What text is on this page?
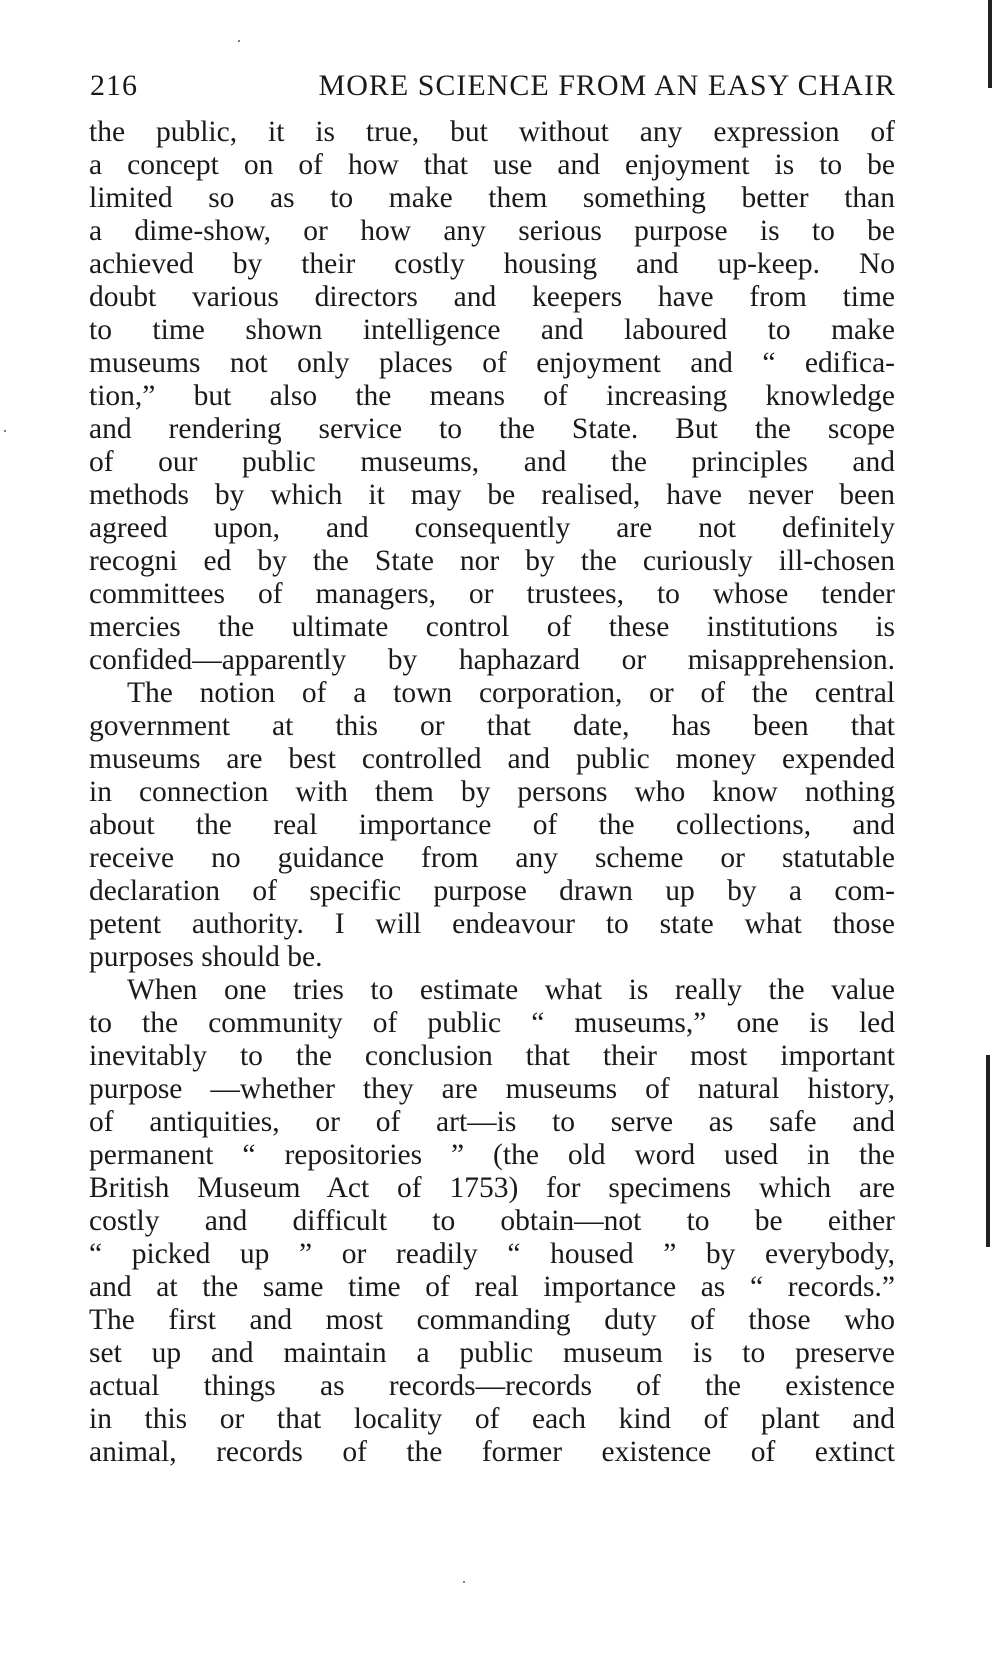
216	MORE SCIENCE FROM AN EASY CHAIR
the public, it is true, but without any expression of
a concept on of how that use and enjoyment is to be
limited so as to make them something better than
a dime-show, or how any serious purpose is to be
achieved by their costly housing and up-keep. No
doubt various directors and keepers have from time
to time shown intelligence and laboured to make
museums not only places of enjoyment and “ edifica-
tion,” but also the means of increasing knowledge
and rendering service to the State. But the scope
of our public museums, and the principles and
methods by which it may be realised, have never been
agreed upon, and consequently are not definitely
recogni ed by the State nor by the curiously ill-chosen
committees of managers, or trustees, to whose tender
mercies the ultimate control of these institutions is
confided—apparently by haphazard or misapprehension.
The notion of a town corporation, or of the central
government at this or that date, has been that
museums are best controlled and public money expended
in connection with them by persons who know nothing
about the real importance of the collections, and
receive no guidance from any scheme or statutable
declaration of specific purpose drawn up by a com-
petent authority. I will endeavour to state what those
purposes should be.
When one tries to estimate what is really the value
to the community of public “ museums,” one is led
inevitably to the conclusion that their most important
purpose —whether they are museums of natural history,
of antiquities, or of art—is to serve as safe and
permanent “ repositories ” (the old word used in the
British Museum Act of 1753) for specimens which are
costly and difficult to obtain—not to be either
“ picked up ” or readily “ housed ” by everybody,
and at the same time of real importance as “ records.”
The first and most commanding duty of those who
set up and maintain a public museum is to preserve
actual things as records—records of the existence
in this or that locality of each kind of plant and
animal, records of the former existence of extinct
